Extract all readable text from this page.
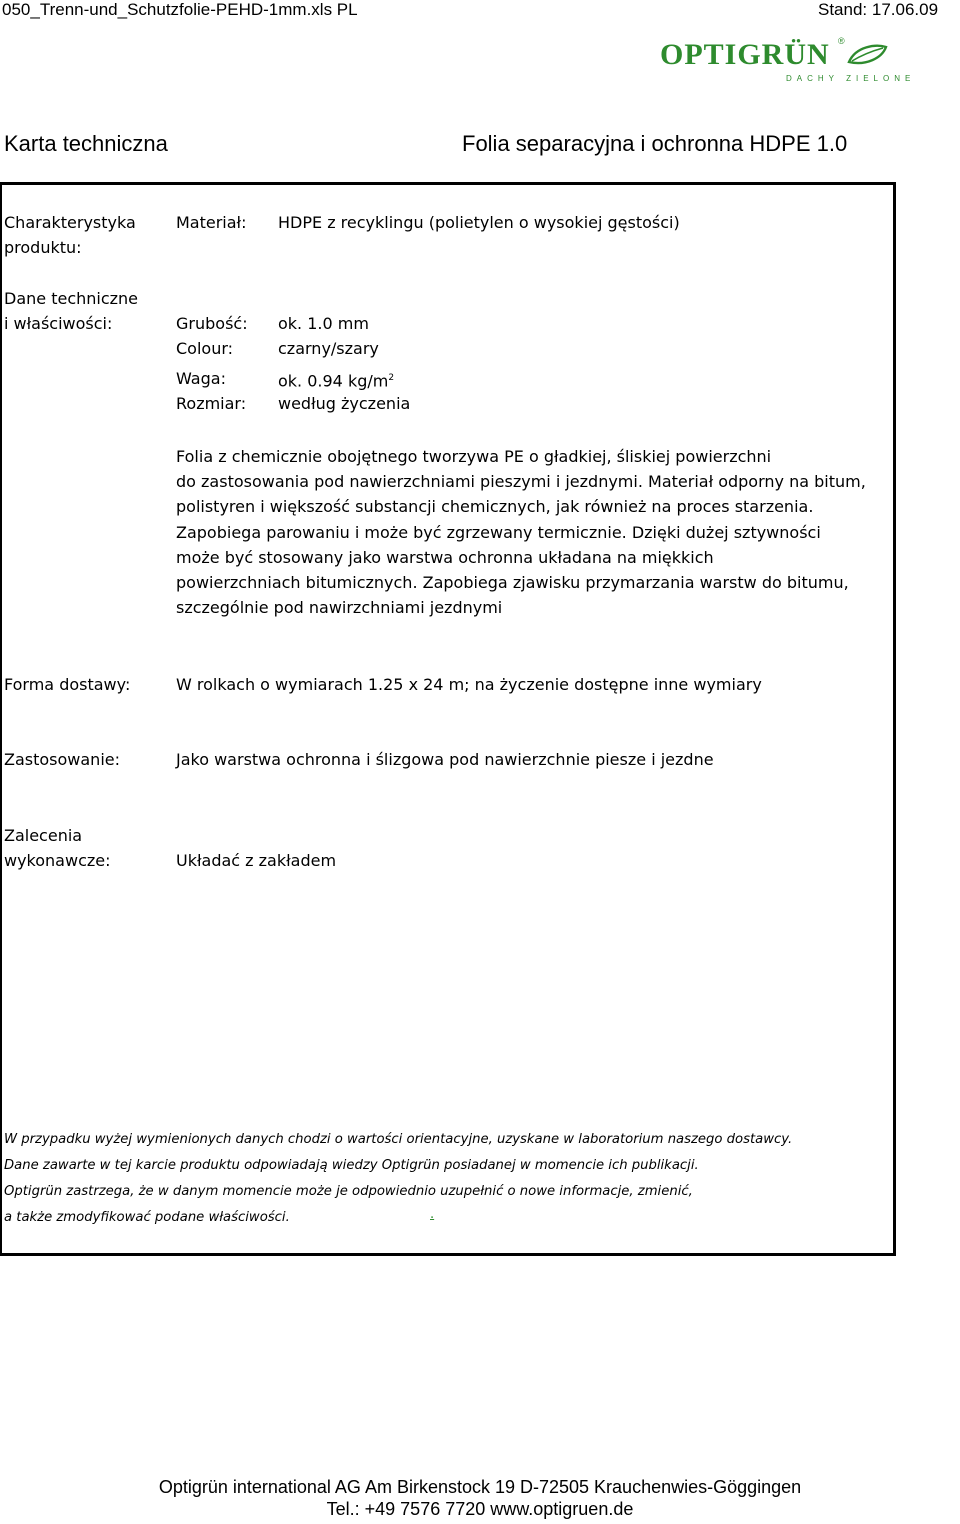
050_Trenn-und_Schutzfolie-PEHD-1mm.xls PL	Stand: 17.06.09
OPTIGRÜN ®
DACHY ZIELONE
Karta techniczna	Folia separacyjna i ochronna HDPE 1.0
Charakterystyka
produktu:
Materiał: HDPE z recyklingu (polietylen o wysokiej gęstości)
Dane techniczne
i właściwości:	Grubość: ok. 1.0 mm
Colour:	czarny/szary
Waga:	ok. 0.94 $kg/m^2$
Rozmiar: według życzenia
Folia z chemicznie obojętnego tworzywa PE o gładkiej, śliskiej powierzchni
do zastosowania pod nawierzchniami pieszymi i jezdnymi. Materiał odporny na bitum,
polistyren i większość substancji chemicznych, jak również na proces starzenia.
Zapobiega parowaniu i może być zgrzewany termicznie. Dzięki dużej sztywności
może być stosowany jako warstwa ochronna układana na miękkich
powierzchniach bitumicznych. Zapobiega zjawisku przymarzania warstw do bitumu,
szczególnie pod nawirzchniami jezdnymi
Forma dostawy:	W rolkach o wymiarach 1.25 x 24 m; na życzenie dostępne inne wymiary
Zastosowanie:	Jako warstwa ochronna i ślizgowa pod nawierzchnie piesze i jezdne
Zalecenia
wykonawcze:	Układać z zakładem
W przypadku wyżej wymienionych danych chodzi o wartości orientacyjne, uzyskane w laboratorium naszego dostawcy.
Dane zawarte w tej karcie produktu odpowiadają wiedzy Optigrün posiadanej w momencie ich publikacji.
Optigrün zastrzega, że w danym momencie może je odpowiednio uzupełnić o nowe informacje, zmienić,
a także zmodyfikować podane właściwości.	.
Optigrün international AG Am Birkenstock 19 D-72505 Krauchenwies-Göggingen
Tel.: +49 7576 7720 www.optigruen.de
